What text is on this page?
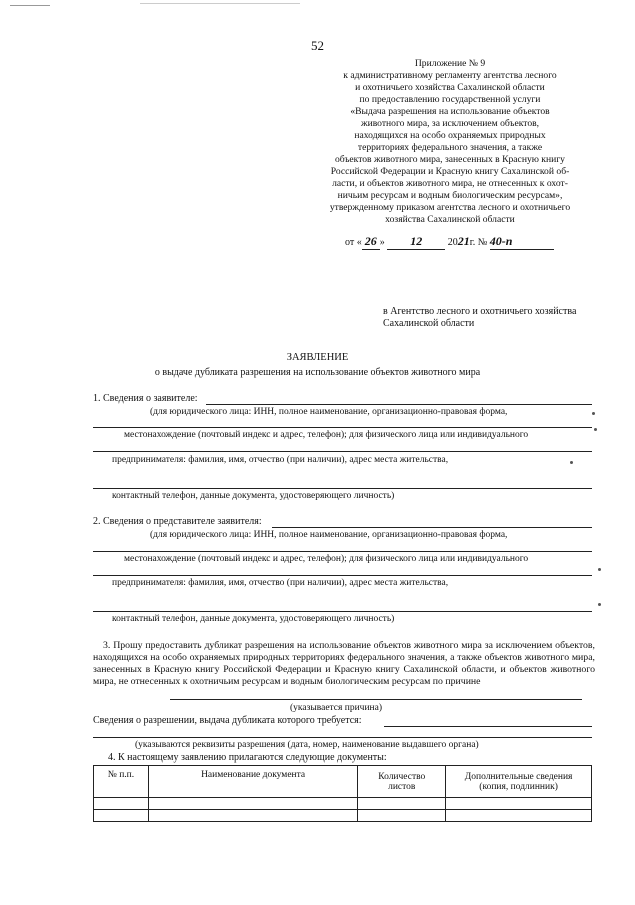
52
Приложение № 9
к административному регламенту агентства лесного
и охотничьего хозяйства Сахалинской области
по предоставлению государственной услуги
«Выдача разрешения на использование объектов
животного мира, за исключением объектов,
находящихся на особо охраняемых природных
территориях федерального значения, а также
объектов животного мира, занесенных в Красную книгу
Российской Федерации и Красную книгу Сахалинской об-
ласти, и объектов животного мира, не отнесенных к охот-
ничьим ресурсам и водным биологическим ресурсам»,
утвержденному приказом агентства лесного и охотничьего
хозяйства Сахалинской области
от « 26 » 12	2021г. № 40-п
в Агентство лесного и охотничьего хозяйства
Сахалинской области
ЗАЯВЛЕНИЕ
о выдаче дубликата разрешения на использование объектов животного мира
1. Сведения о заявителе:
(для юридического лица: ИНН, полное наименование, организационно-правовая форма,
местонахождение (почтовый индекс и адрес, телефон); для физического лица или индивидуального
предпринимателя: фамилия, имя, отчество (при наличии), адрес места жительства,
контактный телефон, данные документа, удостоверяющего личность)
2. Сведения о представителе заявителя:
(для юридического лица: ИНН, полное наименование, организационно-правовая форма,
местонахождение (почтовый индекс и адрес, телефон); для физического лица или индивидуального
предпринимателя: фамилия, имя, отчество (при наличии), адрес места жительства,
контактный телефон, данные документа, удостоверяющего личность)
3. Прошу предоставить дубликат разрешения на использование объектов животного мира за исключением объектов, находящихся на особо охраняемых природных территориях федерального значения, а также объектов животного мира, занесенных в Красную книгу Российской Федерации и Красную книгу Сахалинской области, и объектов животного мира, не отнесенных к охотничьим ресурсам и водным биологическим ресурсам по причине
(указывается причина)
Сведения о разрешении, выдача дубликата которого требуется:
(указываются реквизиты разрешения (дата, номер, наименование выдавшего органа)
4. К настоящему заявлению прилагаются следующие документы:
№ п.п.	Наименование документа	Количество листов	Дополнительные сведения (копия, подлинник)
